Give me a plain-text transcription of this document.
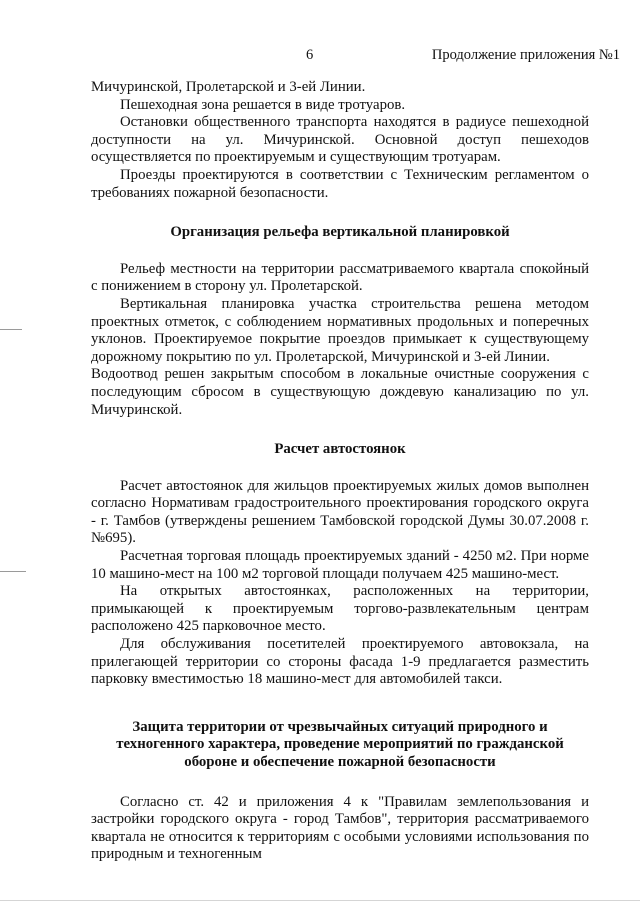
6	Продолжение приложения №1

Мичуринской, Пролетарской и 3-ей Линии.

Пешеходная зона решается в виде тротуаров.

Остановки общественного транспорта находятся в радиусе пешеходной доступности на ул. Мичуринской. Основной доступ пешеходов осуществляется по проектируемым и существующим тротуарам.

Проезды проектируются в соответствии с Техническим регламентом о требованиях пожарной безопасности.

Организация рельефа вертикальной планировкой

Рельеф местности на территории рассматриваемого квартала спокойный с понижением в сторону ул. Пролетарской.

Вертикальная планировка участка строительства решена методом проектных отметок, с соблюдением нормативных продольных и поперечных уклонов. Проектируемое покрытие проездов примыкает к существующему дорожному покрытию по ул. Пролетарской, Мичуринской и 3-ей Линии.

Водоотвод решен закрытым способом в локальные очистные сооружения с последующим сбросом в существующую дождевую канализацию по ул. Мичуринской.

Расчет автостоянок

Расчет автостоянок для жильцов проектируемых жилых домов выполнен согласно Нормативам градостроительного проектирования городского округа - г. Тамбов (утверждены решением Тамбовской городской Думы 30.07.2008 г. №695).

Расчетная торговая площадь проектируемых зданий - 4250 м2. При норме 10 машино-мест на 100 м2 торговой площади получаем 425 машино-мест.

На открытых автостоянках, расположенных на территории, примыкающей к проектируемым торгово-развлекательным центрам расположено 425 парковочное место.

Для обслуживания посетителей проектируемого автовокзала, на прилегающей территории со стороны фасада 1-9 предлагается разместить парковку вместимостью 18 машино-мест для автомобилей такси.

Защита территории от чрезвычайных ситуаций природного и техногенного характера, проведение мероприятий по гражданской обороне и обеспечение пожарной безопасности

Согласно ст. 42 и приложения 4 к "Правилам землепользования и застройки городского округа - город Тамбов", территория рассматриваемого квартала не относится к территориям с особыми условиями использования по природным и техногенным
